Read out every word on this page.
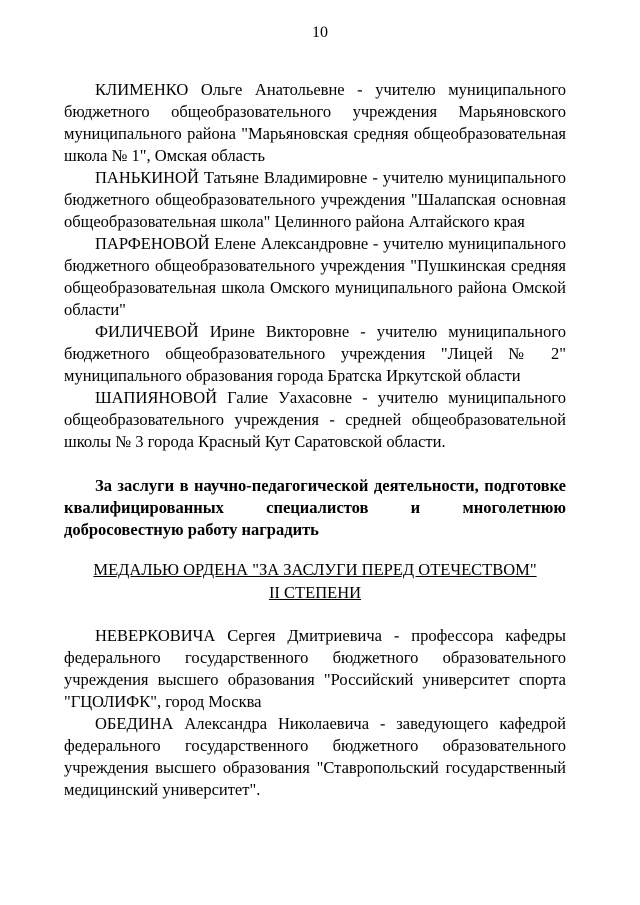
10

КЛИМЕНКО Ольге Анатольевне - учителю муниципального бюджетного общеобразовательного учреждения Марьяновского муниципального района "Марьяновская средняя общеобразовательная школа № 1", Омская область

ПАНЬКИНОЙ Татьяне Владимировне - учителю муниципального бюджетного общеобразовательного учреждения "Шалапская основная общеобразовательная школа" Целинного района Алтайского края

ПАРФЕНОВОЙ Елене Александровне - учителю муниципального бюджетного общеобразовательного учреждения "Пушкинская средняя общеобразовательная школа Омского муниципального района Омской области"

ФИЛИЧЕВОЙ Ирине Викторовне - учителю муниципального бюджетного общеобразовательного учреждения "Лицей № 2" муниципального образования города Братска Иркутской области

ШАПИЯНОВОЙ Галие Уахасовне - учителю муниципального общеобразовательного учреждения - средней общеобразовательной школы № 3 города Красный Кут Саратовской области.

За заслуги в научно-педагогической деятельности, подготовке квалифицированных специалистов и многолетнюю добросовестную работу наградить

МЕДАЛЬЮ ОРДЕНА "ЗА ЗАСЛУГИ ПЕРЕД ОТЕЧЕСТВОМ"
II СТЕПЕНИ

НЕВЕРКОВИЧА Сергея Дмитриевича - профессора кафедры федерального государственного бюджетного образовательного учреждения высшего образования "Российский университет спорта "ГЦОЛИФК", город Москва

ОБЕДИНА Александра Николаевича - заведующего кафедрой федерального государственного бюджетного образовательного учреждения высшего образования "Ставропольский государственный медицинский университет".
